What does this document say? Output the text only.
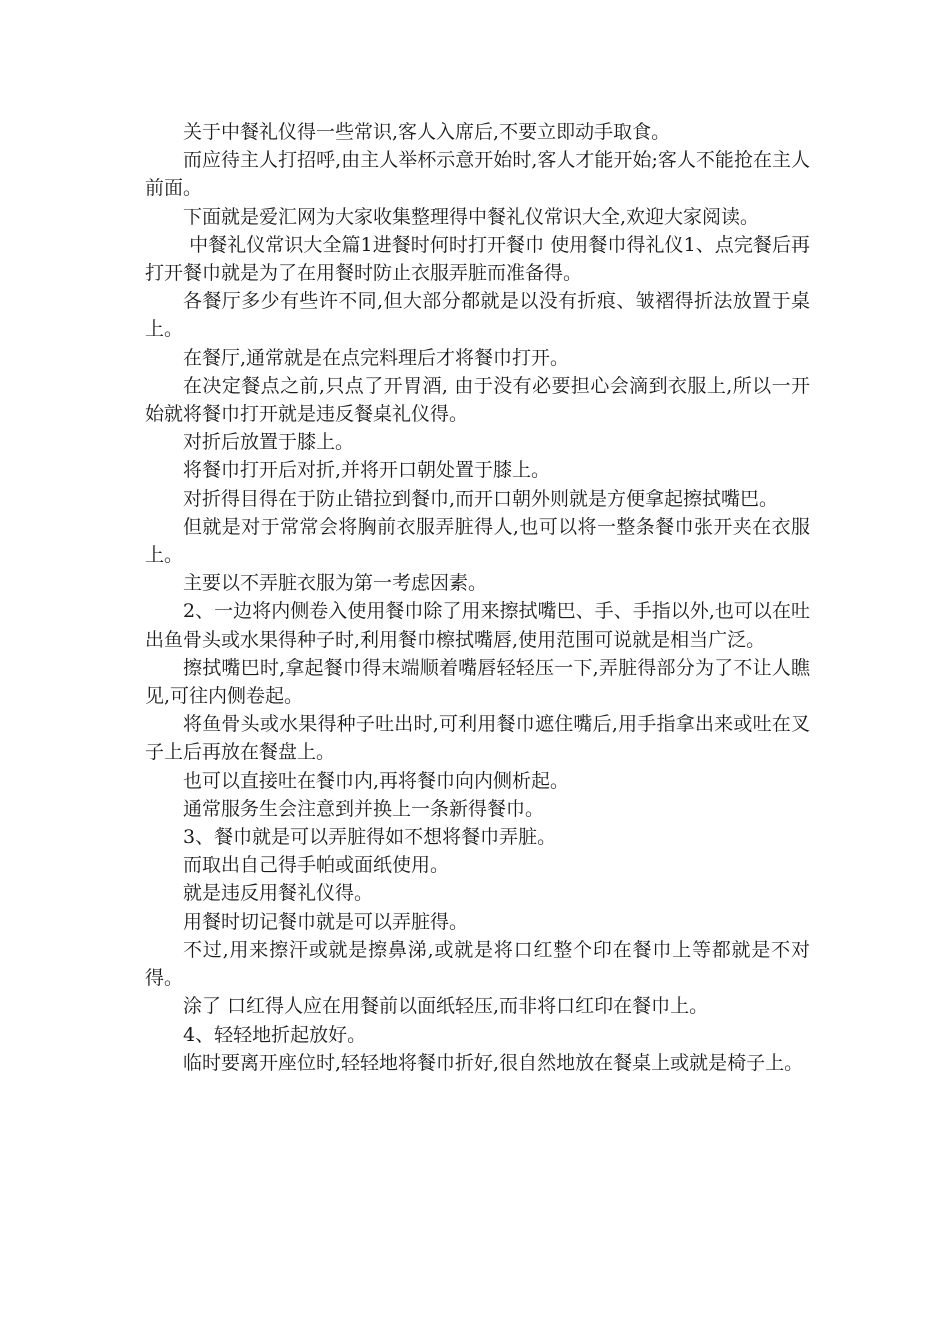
关于中餐礼仪得一些常识,客人入席后,不要立即动手取食。

而应待主人打招呼,由主人举杯示意开始时,客人才能开始;客人不能抢在主人前面。

下面就是爱汇网为大家收集整理得中餐礼仪常识大全,欢迎大家阅读。

中餐礼仪常识大全篇1进餐时何时打开餐巾 使用餐巾得礼仪1、点完餐后再打开餐巾就是为了在用餐时防止衣服弄脏而准备得。

各餐厅多少有些许不同,但大部分都就是以没有折痕、皱褶得折法放置于桌上。

在餐厅,通常就是在点完料理后才将餐巾打开。

在决定餐点之前,只点了开胃酒, 由于没有必要担心会滴到衣服上,所以一开始就将餐巾打开就是违反餐桌礼仪得。

对折后放置于膝上。

将餐巾打开后对折,并将开口朝处置于膝上。

对折得目得在于防止错拉到餐巾,而开口朝外则就是方便拿起擦拭嘴巴。

但就是对于常常会将胸前衣服弄脏得人,也可以将一整条餐巾张开夹在衣服上。

主要以不弄脏衣服为第一考虑因素。

2、一边将内侧卷入使用餐巾除了用来擦拭嘴巴、手、手指以外,也可以在吐出鱼骨头或水果得种子时,利用餐巾檫拭嘴唇,使用范围可说就是相当广泛。

擦拭嘴巴时,拿起餐巾得末端顺着嘴唇轻轻压一下,弄脏得部分为了不让人瞧见,可往内侧卷起。

将鱼骨头或水果得种子吐出时,可利用餐巾遮住嘴后,用手指拿出来或吐在叉子上后再放在餐盘上。

也可以直接吐在餐巾内,再将餐巾向内侧析起。

通常服务生会注意到并换上一条新得餐巾。

3、餐巾就是可以弄脏得如不想将餐巾弄脏。

而取出自己得手帕或面纸使用。

就是违反用餐礼仪得。

用餐时切记餐巾就是可以弄脏得。

不过,用来擦汗或就是擦鼻涕,或就是将口红整个印在餐巾上等都就是不对得。

涂了 口红得人应在用餐前以面纸轻压,而非将口红印在餐巾上。

4、轻轻地折起放好。

临时要离开座位时,轻轻地将餐巾折好,很自然地放在餐桌上或就是椅子上。
